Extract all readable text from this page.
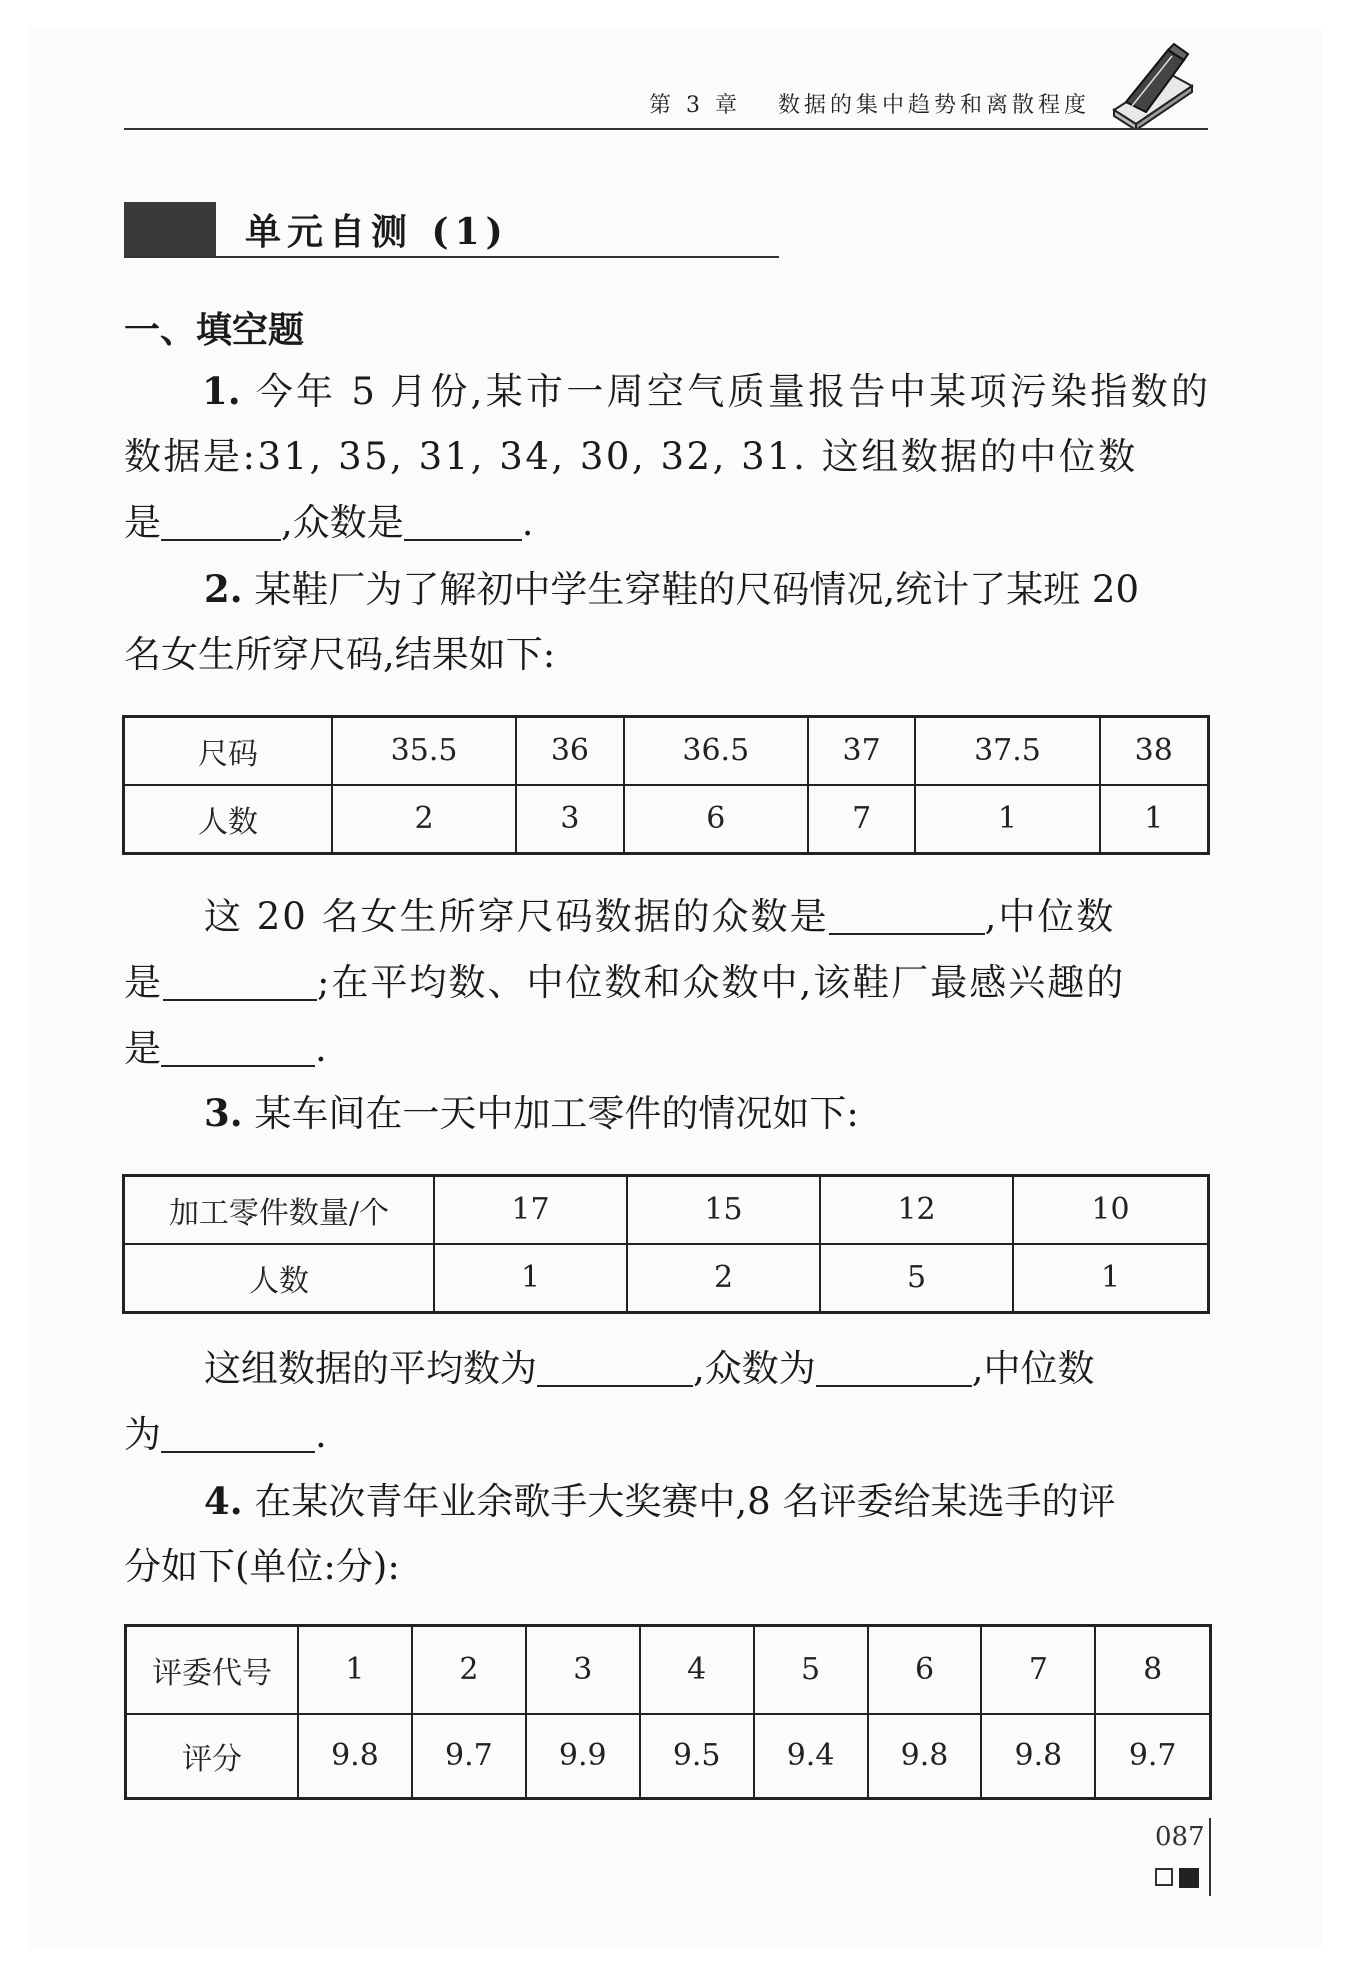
第 3 章　 数据的集中趋势和离散程度
单元自测 (1)
一、填空题
1. 今年 5 月份,某市一周空气质量报告中某项污染指数的
数据是:31, 35, 31, 34, 30, 32, 31. 这组数据的中位数
是	,众数是	.
2. 某鞋厂为了解初中学生穿鞋的尺码情况,统计了某班 20
名女生所穿尺码,结果如下:
尺码	35.5	36	36.5	37	37.5	38
人数	2	3	6	7	1	1
这 20 名女生所穿尺码数据的众数是	,中位数
是	;在平均数、中位数和众数中,该鞋厂最感兴趣的
是	.
3. 某车间在一天中加工零件的情况如下:
加工零件数量/个	17	15	12	10
人数	1	2	5	1
这组数据的平均数为	,众数为	,中位数
为	.
4. 在某次青年业余歌手大奖赛中,8 名评委给某选手的评
分如下(单位:分):
评委代号	1	2	3	4	5	6	7	8
评分	9.8	9.7	9.9	9.5	9.4	9.8	9.8	9.7
087
